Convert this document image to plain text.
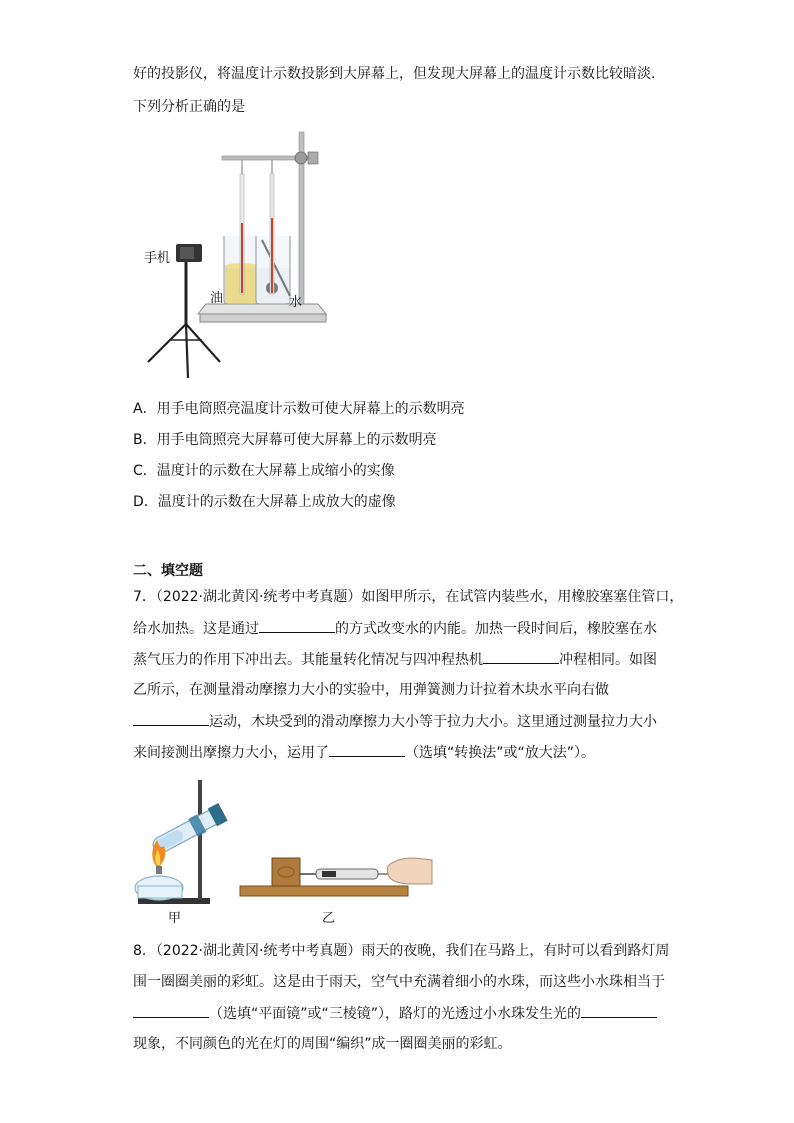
好的投影仪，将温度计示数投影到大屏幕上，但发现大屏幕上的温度计示数比较暗淡.
下列分析正确的是
油	水
手机
A．用手电筒照亮温度计示数可使大屏幕上的示数明亮
B．用手电筒照亮大屏幕可使大屏幕上的示数明亮
C．温度计的示数在大屏幕上成缩小的实像
D．温度计的示数在大屏幕上成放大的虚像
二、填空题
7．（2022·湖北黄冈·统考中考真题）如图甲所示，在试管内装些水，用橡胶塞塞住管口，
给水加热。这是通过	的方式改变水的内能。加热一段时间后，橡胶塞在水
蒸气压力的作用下冲出去。其能量转化情况与四冲程热机	冲程相同。如图
乙所示，在测量滑动摩擦力大小的实验中，用弹簧测力计拉着木块水平向右做
运动，木块受到的滑动摩擦力大小等于拉力大小。这里通过测量拉力大小
来间接测出摩擦力大小，运用了	（选填“转换法”或“放大法”）。
甲	乙
8．（2022·湖北黄冈·统考中考真题）雨天的夜晚，我们在马路上，有时可以看到路灯周
围一圈圈美丽的彩虹。这是由于雨天，空气中充满着细小的水珠，而这些小水珠相当于
（选填“平面镜”或“三棱镜”），路灯的光透过小水珠发生光的
现象，不同颜色的光在灯的周围“编织”成一圈圈美丽的彩虹。
